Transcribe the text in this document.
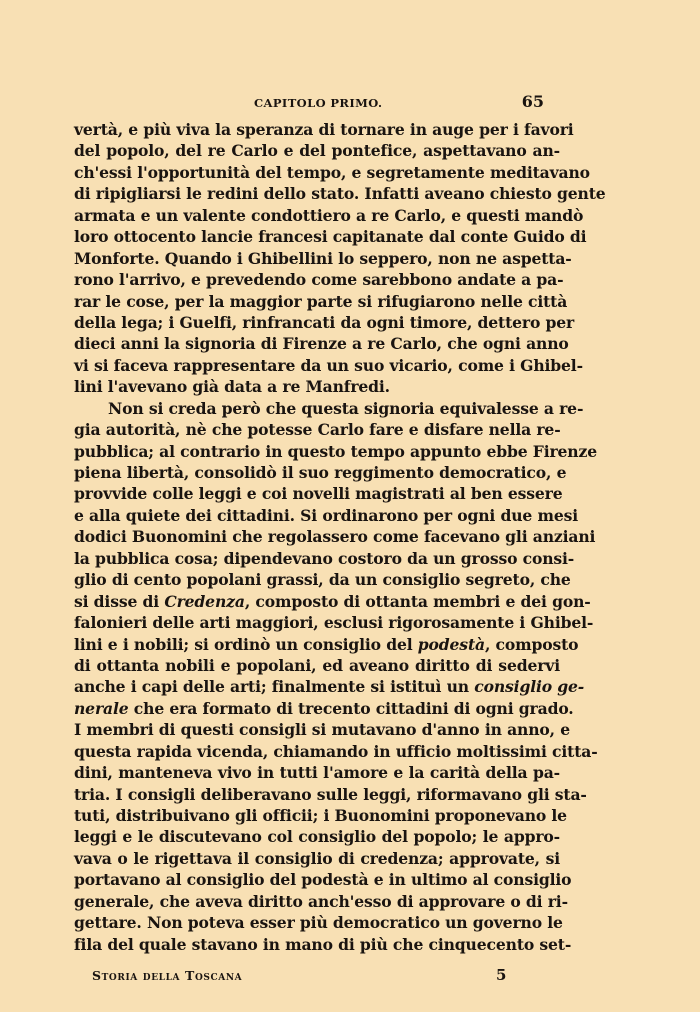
CAPITOLO PRIMO.	65
vertà, e più viva la speranza di tornare in auge per i favori
del popolo, del re Carlo e del pontefice, aspettavano an-
ch'essi l'opportunità del tempo, e segretamente meditavano
di ripigliarsi le redini dello stato. Infatti aveano chiesto gente
armata e un valente condottiero a re Carlo, e questi mandò
loro ottocento lancie francesi capitanate dal conte Guido di
Monforte. Quando i Ghibellini lo seppero, non ne aspetta-
rono l'arrivo, e prevedendo come sarebbono andate a pa-
rar le cose, per la maggior parte si rifugiarono nelle città
della lega; i Guelfi, rinfrancati da ogni timore, dettero per
dieci anni la signoria di Firenze a re Carlo, che ogni anno
vi si faceva rappresentare da un suo vicario, come i Ghibel-
lini l'avevano già data a re Manfredi.
Non si creda però che questa signoria equivalesse a re-
gia autorità, nè che potesse Carlo fare e disfare nella re-
pubblica; al contrario in questo tempo appunto ebbe Firenze
piena libertà, consolidò il suo reggimento democratico, e
provvide colle leggi e coi novelli magistrati al ben essere
e alla quiete dei cittadini. Si ordinarono per ogni due mesi
dodici Buonomini che regolassero come facevano gli anziani
la pubblica cosa; dipendevano costoro da un grosso consi-
glio di cento popolani grassi, da un consiglio segreto, che
si disse di Credenza, composto di ottanta membri e dei gon-
falonieri delle arti maggiori, esclusi rigorosamente i Ghibel-
lini e i nobili; si ordinò un consiglio del podestà, composto
di ottanta nobili e popolani, ed aveano diritto di sedervi
anche i capi delle arti; finalmente si istituì un consiglio ge-
nerale che era formato di trecento cittadini di ogni grado.
I membri di questi consigli si mutavano d'anno in anno, e
questa rapida vicenda, chiamando in ufficio moltissimi citta-
dini, manteneva vivo in tutti l'amore e la carità della pa-
tria. I consigli deliberavano sulle leggi, riformavano gli sta-
tuti, distribuivano gli officii; i Buonomini proponevano le
leggi e le discutevano col consiglio del popolo; le appro-
vava o le rigettava il consiglio di credenza; approvate, si
portavano al consiglio del podestà e in ultimo al consiglio
generale, che aveva diritto anch'esso di approvare o di ri-
gettare. Non poteva esser più democratico un governo le
fila del quale stavano in mano di più che cinquecento set-
Storia della Toscana	5
